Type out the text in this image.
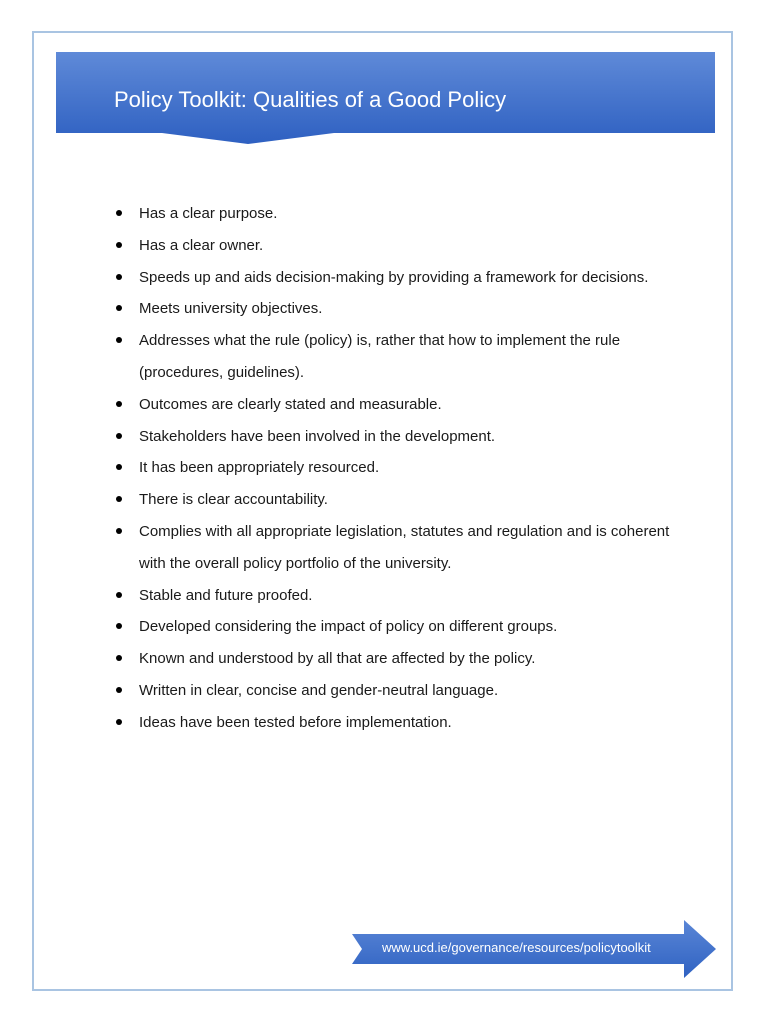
Policy Toolkit: Qualities of a Good Policy
Has a clear purpose.
Has a clear owner.
Speeds up and aids decision-making by providing a framework for decisions.
Meets university objectives.
Addresses what the rule (policy) is, rather that how to implement the rule (procedures, guidelines).
Outcomes are clearly stated and measurable.
Stakeholders have been involved in the development.
It has been appropriately resourced.
There is clear accountability.
Complies with all appropriate legislation, statutes and regulation and is coherent with the overall policy portfolio of the university.
Stable and future proofed.
Developed considering the impact of policy on different groups.
Known and understood by all that are affected by the policy.
Written in clear, concise and gender-neutral language.
Ideas have been tested before implementation.
www.ucd.ie/governance/resources/policytoolkit
